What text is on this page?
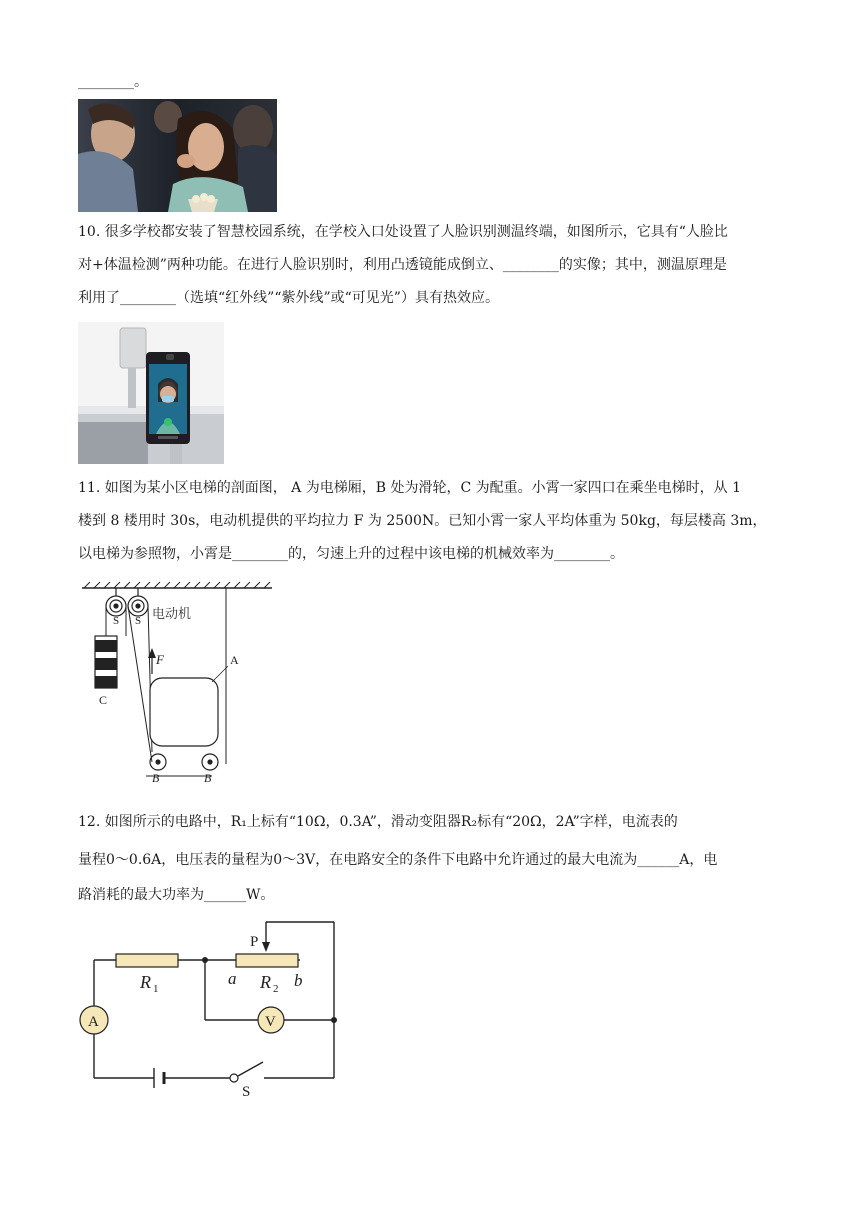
________。
10. 很多学校都安装了智慧校园系统，在学校入口处设置了人脸识别测温终端，如图所示，它具有“人脸比
对+体温检测”两种功能。在进行人脸识别时，利用凸透镜能成倒立、________的实像；其中，测温原理是
利用了________（选填“红外线”“紫外线”或“可见光”）具有热效应。
11. 如图为某小区电梯的剖面图， A 为电梯厢，B 处为滑轮，C 为配重。小霄一家四口在乘坐电梯时，从 1
楼到 8 楼用时 30s，电动机提供的平均拉力 F 为 2500N。已知小霄一家人平均体重为 50kg，每层楼高 3m，
以电梯为参照物，小霄是________的，匀速上升的过程中该电梯的机械效率为________。
S S 电动机
C
F	A
B	B
12. 如图所示的电路中，R₁上标有“10Ω，0.3A”，滑动变阻器R₂标有“20Ω，2A”字样，电流表的
量程0～0.6A，电压表的量程为0～3V，在电路安全的条件下电路中允许通过的最大电流为______A，电
路消耗的最大功率为______W。
A	V
P
R 1
a R 2 b
S
